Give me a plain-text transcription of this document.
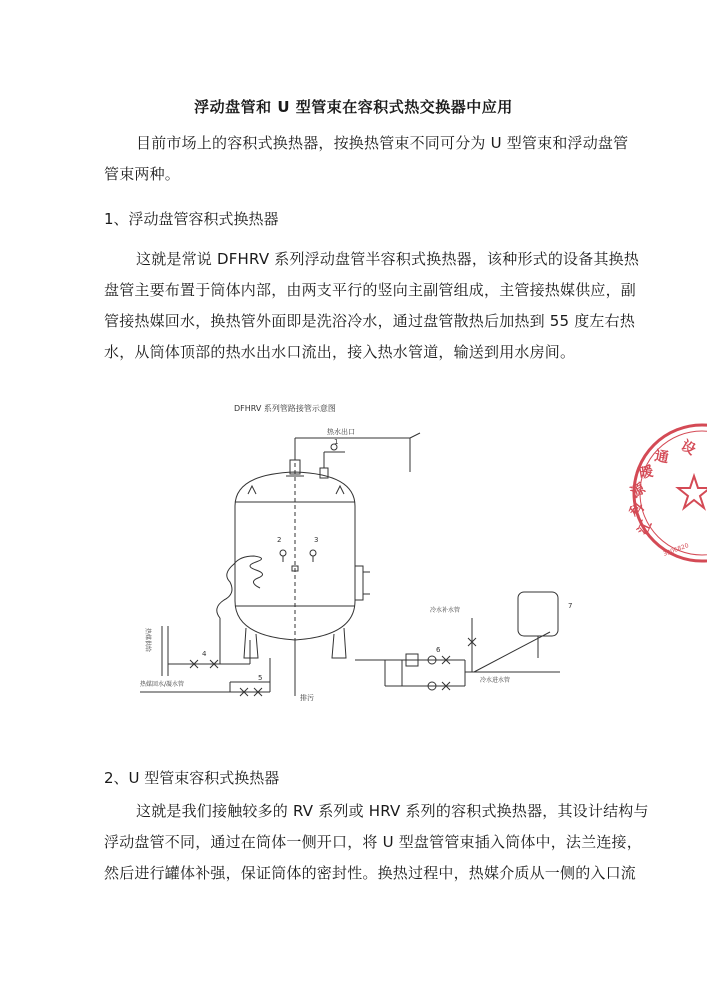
浮动盘管和 U 型管束在容积式热交换器中应用
目前市场上的容积式换热器，按换热管束不同可分为 U 型管束和浮动盘管
管束两种。
1、浮动盘管容积式换热器
这就是常说 DFHRV 系列浮动盘管半容积式换热器，该种形式的设备其换热
盘管主要布置于筒体内部，由两支平行的竖向主副管组成，主管接热媒供应，副
管接热媒回水，换热管外面即是洗浴冷水，通过盘管散热后加热到 55 度左右热
水，从筒体顶部的热水出水口流出，接入热水管道，输送到用水房间。
DFHRV 系列管路接管示意图
1
热水出口
2	3
4
热媒供给
5
热媒回水/凝水管
排污
6
冷水补水管
冷水进水管
7
2、U 型管束容积式换热器
这就是我们接触较多的 RV 系列或 HRV 系列的容积式换热器，其设计结构与
浮动盘管不同，通过在筒体一侧开口，将 U 型盘管管束插入筒体中，法兰连接，
然后进行罐体补强，保证筒体的密封性。换热过程中，热媒介质从一侧的入口流
设
通
暖
源
科
江
3306820
